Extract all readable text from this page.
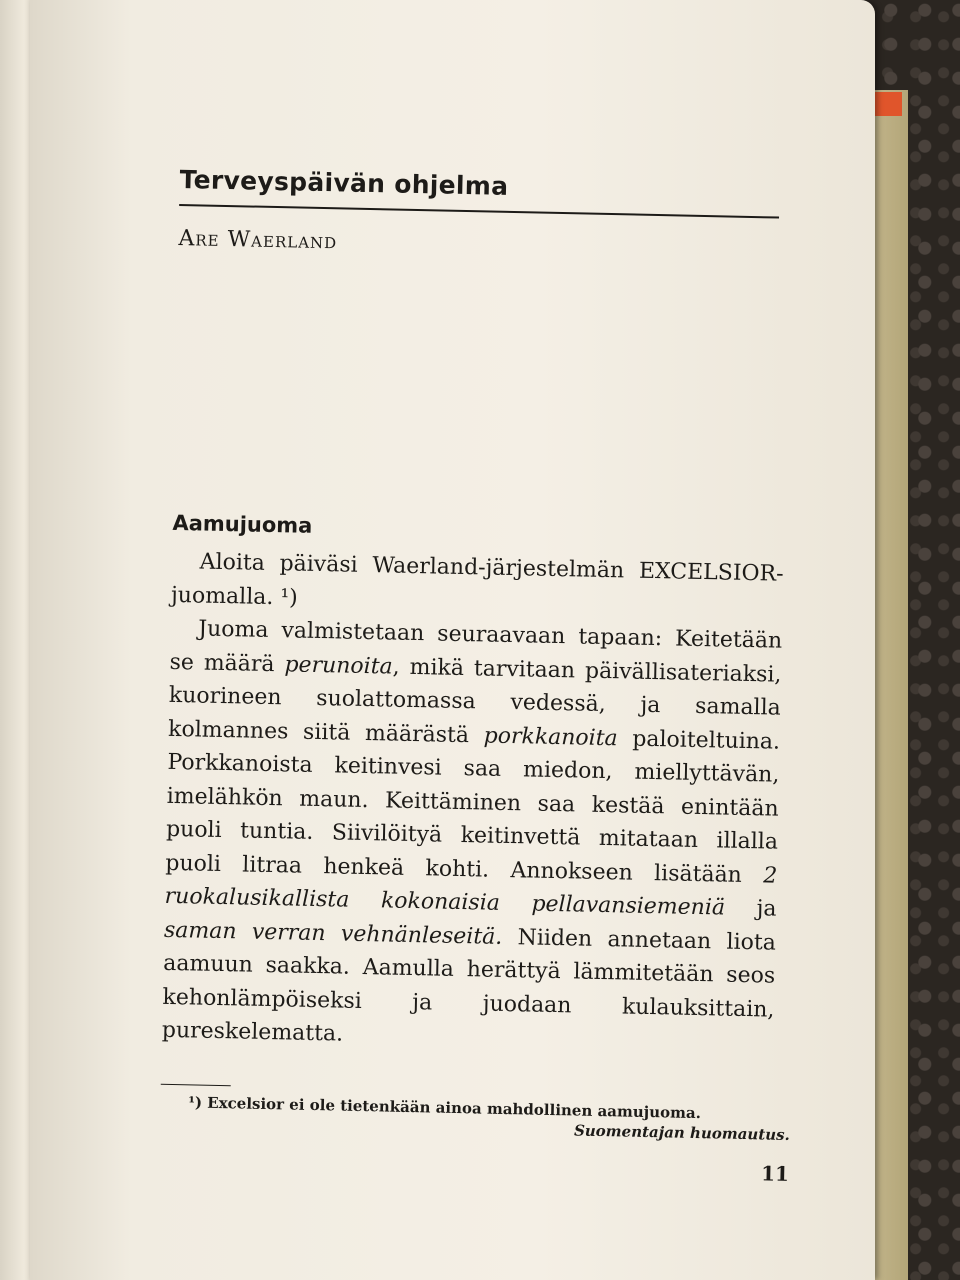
Terveyspäivän ohjelma
Are Waerland
Aamujuoma

Aloita päiväsi Waerland-järjestelmän EXCELSIOR-juomalla. ¹)

Juoma valmistetaan seuraavaan tapaan: Keitetään se määrä perunoita, mikä tarvitaan päivällisateriaksi, kuorineen suolattomassa vedessä, ja samalla kolmannes siitä määrästä porkkanoita paloiteltuina. Porkkanoista keitinvesi saa miedon, miellyttävän, imelähkön maun. Keittäminen saa kestää enintään puoli tuntia. Siivilöityä keitinvettä mitataan illalla puoli litraa henkeä kohti. Annokseen lisätään 2 ruokalusikallista kokonaisia pellavansiemeniä ja saman verran vehnänleseitä. Niiden annetaan liota aamuun saakka. Aamulla herättyä lämmitetään seos kehonlämpöiseksi ja juodaan kulauksittain, pureskelematta.

¹) Excelsior ei ole tietenkään ainoa mahdollinen aamujuoma.

Suomentajan huomautus.

11
